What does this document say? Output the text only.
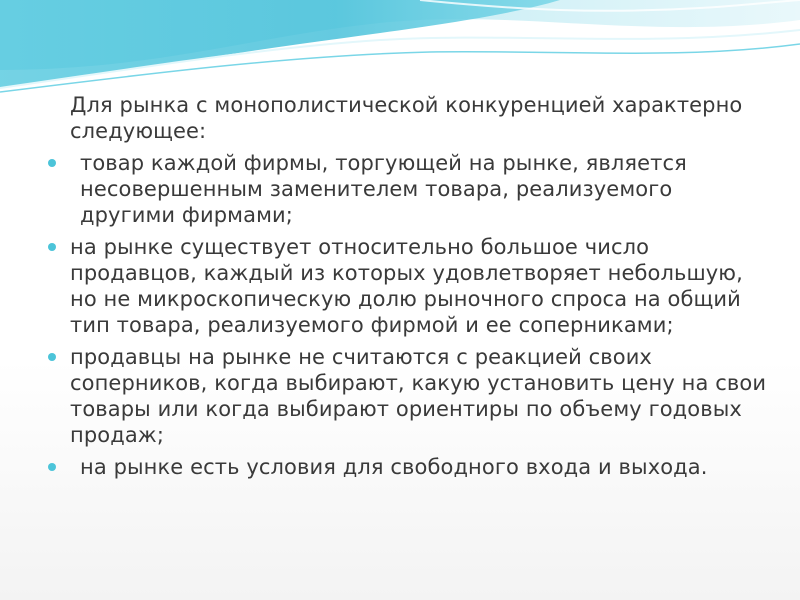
Для рынка с монополистической конкуренцией характерно следующее:

товар каждой фирмы, торгующей на рынке, является несовершенным заменителем товара, реализуемого другими фирмами;
на рынке существует относительно большое число продавцов, каждый из которых удовлетворяет небольшую, но не микроскопическую долю рыночного спроса на общий тип товара, реализуемого фирмой и ее соперниками;
продавцы на рынке не считаются с реакцией своих соперников, когда выбирают, какую установить цену на свои товары или когда выбирают ориентиры по объему годовых продаж;
на рынке есть условия для свободного входа и выхода.
